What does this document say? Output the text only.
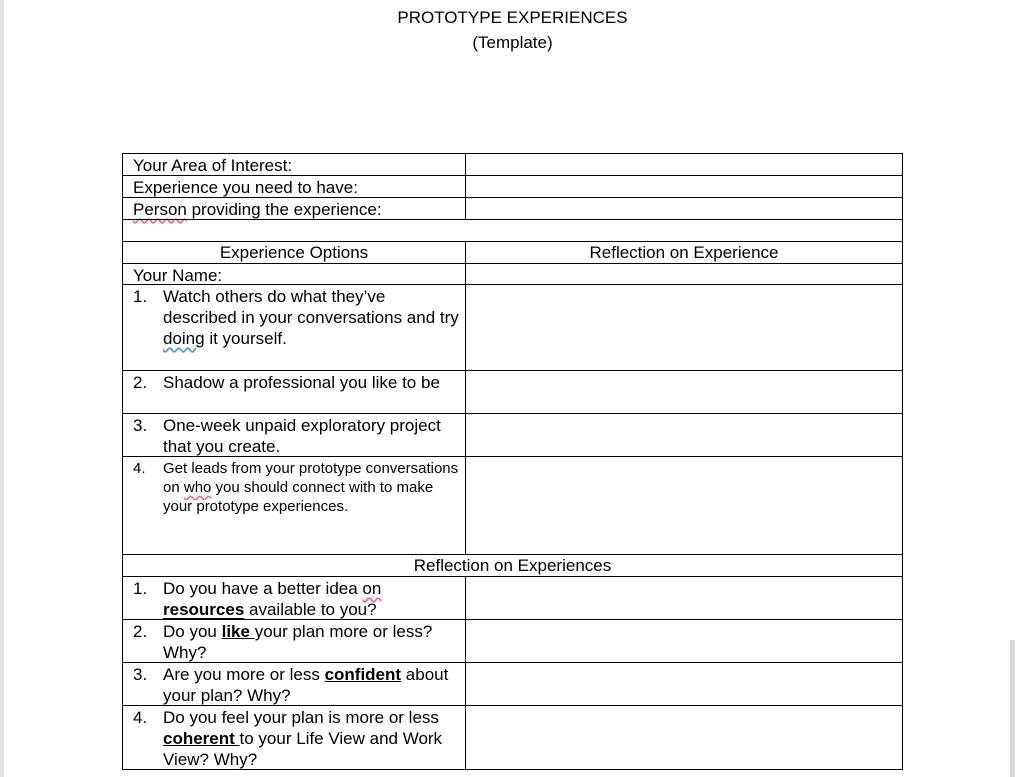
PROTOTYPE EXPERIENCES
(Template)
Your Area of Interest:
Experience you need to have:
Person providing the experience:
Experience Options	Reflection on Experience
Your Name:
1. Watch others do what they’ve described in your conversations and try doing it yourself.
2. Shadow a professional you like to be
3. One-week unpaid exploratory project that you create.
4. Get leads from your prototype conversations on who you should connect with to make your prototype experiences.
Reflection on Experiences
1. Do you have a better idea on resources available to you?
2. Do you like your plan more or less? Why?
3. Are you more or less confident about your plan? Why?
4. Do you feel your plan is more or less coherent to your Life View and Work View? Why?
